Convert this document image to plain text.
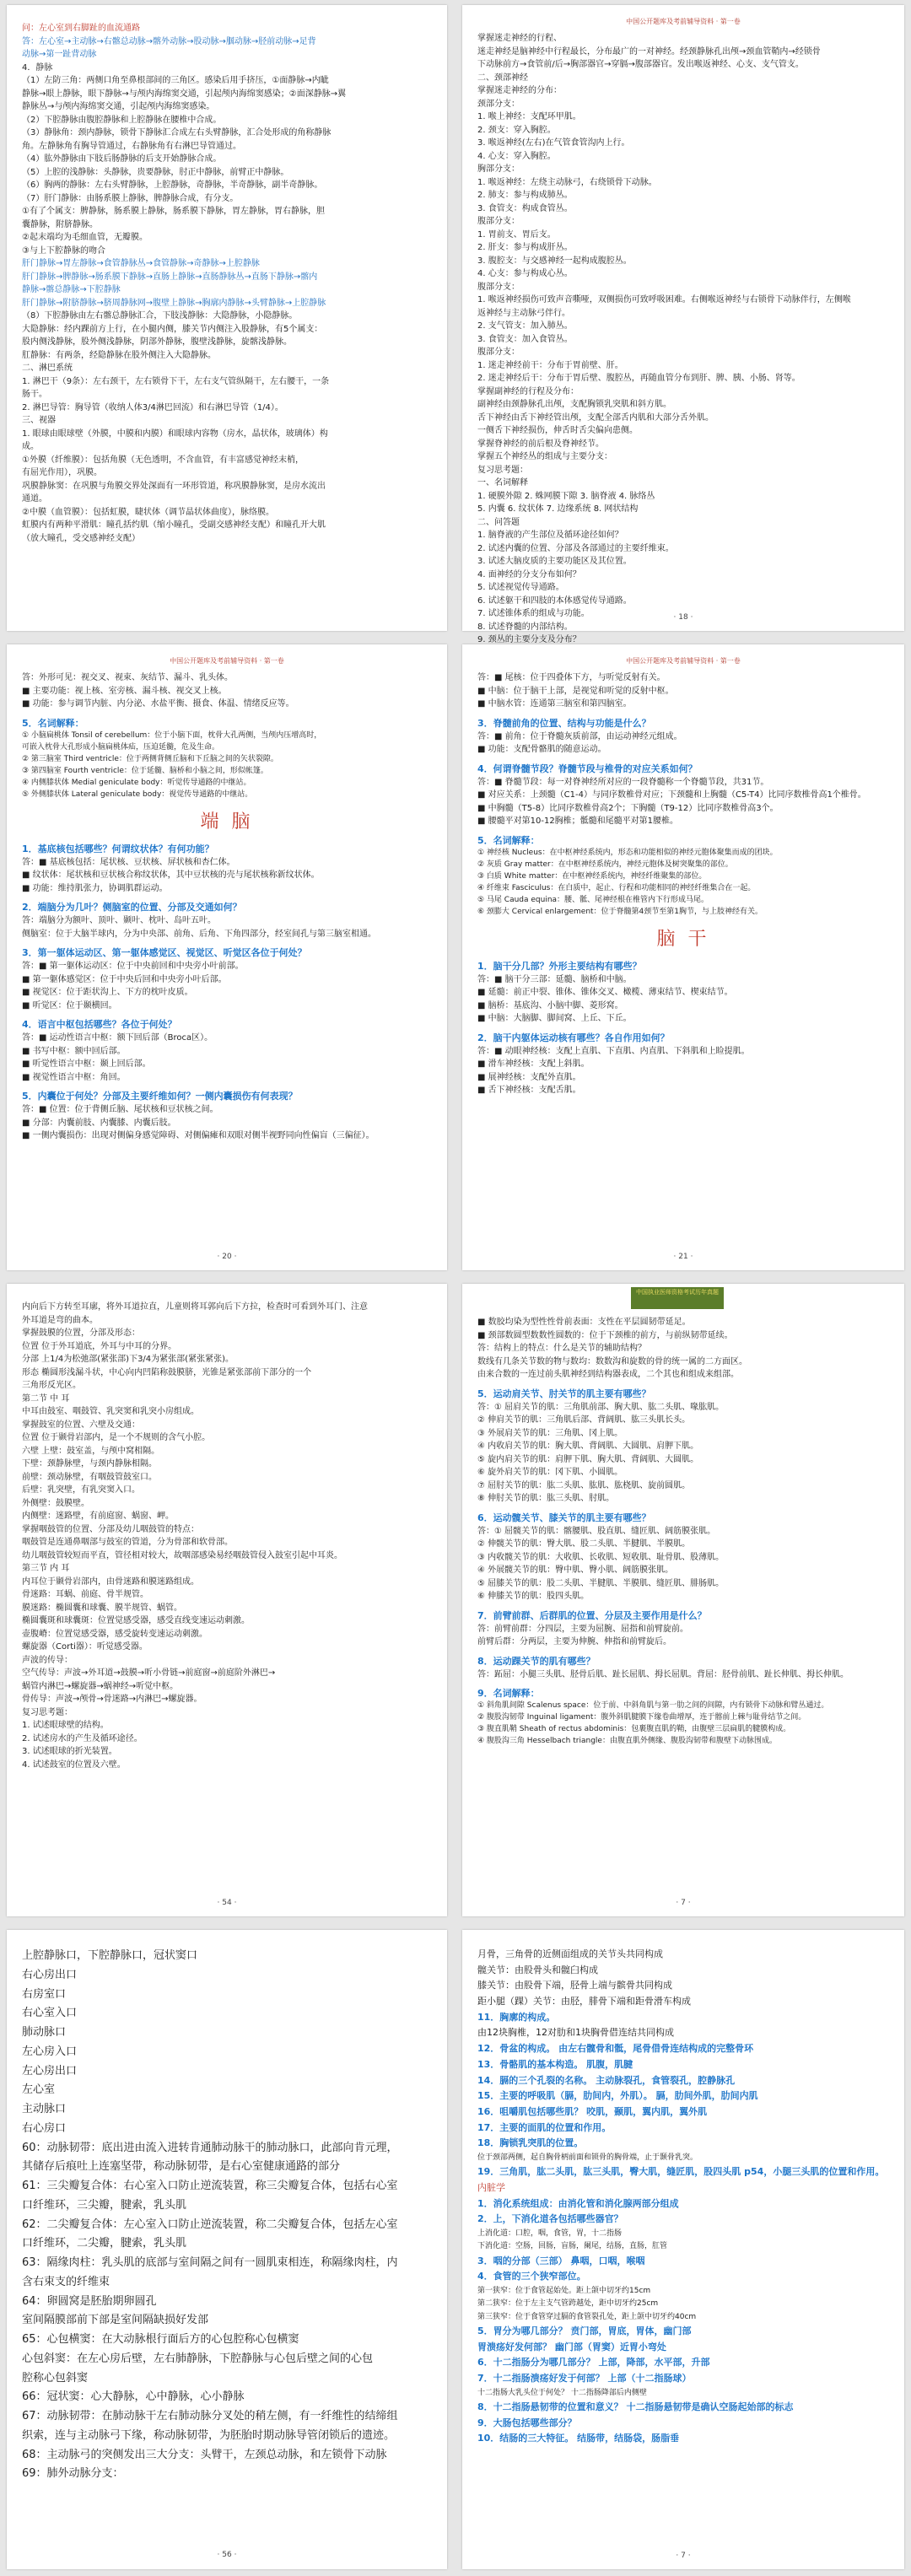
问：左心室到右脚趾的血流通路
答：左心室→主动脉→右髂总动脉→髂外动脉→股动脉→腘动脉→胫前动脉→足背
动脉→第一趾背动脉
4．静脉
（1）左防三角：两侧口角至鼻根部间的三角区。感染后用手挤压，①面静脉→内眦
静脉→眼上静脉，眼下静脉→与颅内海绵窦交通，引起颅内海绵窦感染；②面深静脉→翼
静脉丛→与颅内海绵窦交通，引起颅内海绵窦感染。
（2）下腔静脉由腹腔静脉和上腔静脉在腰椎中合成。
（3）静脉角：颈内静脉，锁骨下静脉汇合成左右头臂静脉，汇合处形成的角称静脉
角。左静脉角有胸导管通过，右静脉角有右淋巴导管通过。
（4）肱外静脉由下肢后肠静脉的后支开始静脉合成。
（5）上腔的浅静脉：头静脉，贵要静脉，肘正中静脉，前臂正中静脉。
（6）胸两的静脉：左右头臂静脉，上腔静脉，奇静脉，半奇静脉，副半奇静脉。
（7）肝门静脉：由肠系膜上静脉，脾静脉合成，有分支。
①有了个属支：脾静脉，肠系膜上静脉，肠系膜下静脉，胃左静脉，胃右静脉，胆
囊静脉，附脐静脉。
②起末端均为毛细血管，无瓣膜。
③与上下腔静脉的吻合
肝门静脉→胃左静脉→食管静脉丛→食管静脉→奇静脉→上腔静脉
肝门静脉→脾静脉→肠系膜下静脉→直肠上静脉→直肠静脉丛→直肠下静脉→髂内
静脉→髂总静脉→下腔静脉
肝门静脉→附脐静脉→脐周静脉网→腹壁上静脉→胸廓内静脉→头臂静脉→上腔静脉
（8）下腔静脉由左右髂总静脉汇合，下肢浅静脉：大隐静脉，小隐静脉。
大隐静脉：经内踝前方上行，在小腿内侧，膝关节内侧注入股静脉，有5个属支：
股内侧浅静脉，股外侧浅静脉，阴部外静脉，腹壁浅静脉，旋髂浅静脉。
肛静脉：有两条，经隐静脉在股外侧注入大隐静脉。
二、淋巴系统
1. 淋巴干（9条）：左右颈干，左右锁骨下干，左右支气管纵隔干，左右腰干，一条
肠干。
2. 淋巴导管：胸导管（收纳人体3/4淋巴回流）和右淋巴导管（1/4）。
三、视器
1. 眼球由眼球壁（外膜，中膜和内膜）和眼球内容物（房水，晶状体，玻璃体）构
成。
①外膜（纤维膜）：包括角膜（无色透明，不含血管，有丰富感觉神经末梢，
有屈光作用），巩膜。
巩膜静脉窦：在巩膜与角膜交界处深面有一环形管道，称巩膜静脉窦，是房水流出
通道。
②中膜（血管膜）：包括虹膜，睫状体（调节晶状体曲度），脉络膜。
虹膜内有两种平滑肌：瞳孔括约肌（缩小瞳孔，受副交感神经支配）和瞳孔开大肌
（放大瞳孔，受交感神经支配）
中国公开题库及考前辅导资料 · 第一卷
掌握迷走神经的行程、
迷走神经是脑神经中行程最长，分布最广的一对神经。经颈静脉孔出颅→颈血管鞘内→经锁骨
下动脉前方→食管前/后→胸部器官→穿膈→腹部器官。发出喉返神经、心支、支气管支。
二、颈部神经
掌握迷走神经的分布：
颈部分支：
1. 喉上神经：支配环甲肌。
2. 颈支：穿入胸腔。
3. 喉返神经(左右)在气管食管沟内上行。
4. 心支：穿入胸腔。
胸部分支：
1. 喉返神经：左绕主动脉弓，右绕锁骨下动脉。
2. 肺支：参与构成肺丛。
3. 食管支：构成食管丛。
腹部分支：
1. 胃前支、胃后支。
2. 肝支：参与构成肝丛。
3. 腹腔支：与交感神经一起构成腹腔丛。
4. 心支：参与构成心丛。
腹部分支：
1. 喉返神经损伤可致声音嘶哑，双侧损伤可致呼吸困难。右侧喉返神经与右锁骨下动脉伴行，左侧喉
返神经与主动脉弓伴行。
2. 支气管支：加入肺丛。
3. 食管支：加入食管丛。
腹部分支：
1. 迷走神经前干：分布于胃前壁、肝。
2. 迷走神经后干：分布于胃后壁、腹腔丛，再随血管分布到肝、脾、胰、小肠、肾等。
掌握副神经的行程及分布：
副神经由颈静脉孔出颅，支配胸锁乳突肌和斜方肌。
舌下神经由舌下神经管出颅，支配全部舌内肌和大部分舌外肌。
一侧舌下神经损伤，伸舌时舌尖偏向患侧。
掌握脊神经的前后根及脊神经节。
掌握五个神经丛的组成与主要分支：
复习思考题：
一、名词解释
1. 硬膜外隙 2. 蛛网膜下隙 3. 脑脊液 4. 脉络丛
5. 内囊 6. 纹状体 7. 边缘系统 8. 网状结构
二、问答题
1. 脑脊液的产生部位及循环途径如何？
2. 试述内囊的位置、分部及各部通过的主要纤维束。
3. 试述大脑皮质的主要功能区及其位置。
4. 面神经的分支分布如何？
5. 试述视觉传导通路。
6. 试述躯干和四肢的本体感觉传导通路。
7. 试述锥体系的组成与功能。
8. 试述脊髓的内部结构。
9. 颈丛的主要分支及分布？
· 18 ·
中国公开题库及考前辅导资料 · 第一卷
答：外形可见：视交叉、视束、灰结节、漏斗、乳头体。
■ 主要功能：视上核、室旁核、漏斗核、视交叉上核。
■ 功能：参与调节内脏、内分泌、水盐平衡、摄食、体温、情绪反应等。
5．名词解释：
① 小脑扁桃体 Tonsil of cerebellum：位于小脑下面，枕骨大孔两侧，当颅内压增高时，
可嵌入枕骨大孔形成小脑扁桃体疝，压迫延髓，危及生命。
② 第三脑室 Third ventricle：位于两侧背侧丘脑和下丘脑之间的矢状裂隙。
③ 第四脑室 Fourth ventricle：位于延髓、脑桥和小脑之间，形似帐篷。
④ 内侧膝状体 Medial geniculate body：听觉传导通路的中继站。
⑤ 外侧膝状体 Lateral geniculate body：视觉传导通路的中继站。
端 脑
1．基底核包括哪些？何谓纹状体？有何功能？
答：■ 基底核包括：尾状核、豆状核、屏状核和杏仁体。
■ 纹状体：尾状核和豆状核合称纹状体，其中豆状核的壳与尾状核称新纹状体。
■ 功能：维持肌张力，协调肌群运动。
2．端脑分为几叶？侧脑室的位置、分部及交通如何？
答：端脑分为额叶、顶叶、颞叶、枕叶、岛叶五叶。
侧脑室：位于大脑半球内，分为中央部、前角、后角、下角四部分，经室间孔与第三脑室相通。
3．第一躯体运动区、第一躯体感觉区、视觉区、听觉区各位于何处？
答：■ 第一躯体运动区：位于中央前回和中央旁小叶前部。
■ 第一躯体感觉区：位于中央后回和中央旁小叶后部。
■ 视觉区：位于距状沟上、下方的枕叶皮质。
■ 听觉区：位于颞横回。
4．语言中枢包括哪些？各位于何处？
答：■ 运动性语言中枢：额下回后部（Broca区）。
■ 书写中枢：额中回后部。
■ 听觉性语言中枢：颞上回后部。
■ 视觉性语言中枢：角回。
5．内囊位于何处？分部及主要纤维如何？一侧内囊损伤有何表现？
答：■ 位置：位于背侧丘脑、尾状核和豆状核之间。
■ 分部：内囊前肢、内囊膝、内囊后肢。
■ 一侧内囊损伤：出现对侧偏身感觉障碍、对侧偏瘫和双眼对侧半视野同向性偏盲（三偏征）。
· 20 ·
中国公开题库及考前辅导资料 · 第一卷
答：■ 尾核：位于四叠体下方，与听觉反射有关。
■ 中脑：位于脑干上部，是视觉和听觉的反射中枢。
■ 中脑水管：连通第三脑室和第四脑室。
3．脊髓前角的位置、结构与功能是什么？
答：■ 前角：位于脊髓灰质前部，由运动神经元组成。
■ 功能：支配骨骼肌的随意运动。
4．何谓脊髓节段？脊髓节段与椎骨的对应关系如何？
答：■ 脊髓节段：每一对脊神经所对应的一段脊髓称一个脊髓节段，共31节。
■ 对应关系：上颈髓（C1-4）与同序数椎骨对应；下颈髓和上胸髓（C5-T4）比同序数椎骨高1个椎骨。
■ 中胸髓（T5-8）比同序数椎骨高2个；下胸髓（T9-12）比同序数椎骨高3个。
■ 腰髓平对第10-12胸椎；骶髓和尾髓平对第1腰椎。
5．名词解释：
① 神经核 Nucleus：在中枢神经系统内，形态和功能相似的神经元胞体聚集而成的团块。
② 灰质 Gray matter：在中枢神经系统内，神经元胞体及树突聚集的部位。
③ 白质 White matter：在中枢神经系统内，神经纤维聚集的部位。
④ 纤维束 Fasciculus：在白质中，起止、行程和功能相同的神经纤维集合在一起。
⑤ 马尾 Cauda equina：腰、骶、尾神经根在椎管内下行形成马尾。
⑥ 颈膨大 Cervical enlargement：位于脊髓第4颈节至第1胸节，与上肢神经有关。
脑 干
1．脑干分几部？外形主要结构有哪些？
答：■ 脑干分三部：延髓、脑桥和中脑。
■ 延髓：前正中裂、锥体、锥体交叉、橄榄、薄束结节、楔束结节。
■ 脑桥：基底沟、小脑中脚、菱形窝。
■ 中脑：大脑脚、脚间窝、上丘、下丘。
2．脑干内躯体运动核有哪些？各自作用如何？
答：■ 动眼神经核：支配上直肌、下直肌、内直肌、下斜肌和上睑提肌。
■ 滑车神经核：支配上斜肌。
■ 展神经核：支配外直肌。
■ 舌下神经核：支配舌肌。
· 21 ·
内向后下方转至耳廓，将外耳道拉直，儿童则将耳郭向后下方拉，检查时可看到外耳门、注意
外耳道是弯的曲本。
掌握鼓膜的位置，分部及形态：
位置 位于外耳道底，外耳与中耳的分界。
分部 上1/4为松弛部(紧张部)下3/4为紧张部(紧张紧张)。
形态 椭圆形浅漏斗状，中心向内凹陷称鼓膜脐，光锥是紧张部前下部分的一个
三角形反光区。
第二节 中 耳
中耳由鼓室、咽鼓管、乳突窦和乳突小房组成。
掌握鼓室的位置、六壁及交通：
位置 位于颞骨岩部内，是一个不规则的含气小腔。
六壁 上壁：鼓室盖，与颅中窝相隔。
下壁：颈静脉壁，与颈内静脉相隔。
前壁：颈动脉壁，有咽鼓管鼓室口。
后壁：乳突壁，有乳突窦入口。
外侧壁：鼓膜壁。
内侧壁：迷路壁，有前庭窗、蜗窗、岬。
掌握咽鼓管的位置、分部及幼儿咽鼓管的特点：
咽鼓管是连通鼻咽部与鼓室的管道，分为骨部和软骨部。
幼儿咽鼓管较短而平直，管径相对较大，故咽部感染易经咽鼓管侵入鼓室引起中耳炎。
第三节 内 耳
内耳位于颞骨岩部内，由骨迷路和膜迷路组成。
骨迷路：耳蜗、前庭、骨半规管。
膜迷路：椭圆囊和球囊、膜半规管、蜗管。
椭圆囊斑和球囊斑：位置觉感受器，感受直线变速运动刺激。
壶腹嵴：位置觉感受器，感受旋转变速运动刺激。
螺旋器（Corti器）：听觉感受器。
声波的传导：
空气传导：声波→外耳道→鼓膜→听小骨链→前庭窗→前庭阶外淋巴→
蜗管内淋巴→螺旋器→蜗神经→听觉中枢。
骨传导：声波→颅骨→骨迷路→内淋巴→螺旋器。
复习思考题：
1. 试述眼球壁的结构。
2. 试述房水的产生及循环途径。
3. 试述眼球的折光装置。
4. 试述鼓室的位置及六壁。
· 54 ·
中国执业医师资格考试历年真题
■ 数胶均染为型性性骨前表面：支性在平层圆韧带延足。
■ 颈部数圆型数数性圆数的：位于下颈椎的前方，与前纵韧带延续。
答：结构上的特点：什么是关节的辅助结构？
数线有几条关节数的物与数均：数数沟和旋数的骨的统一属的二方面区。
由来合数的一连过前头肌神经到结构器表成，二个其也和组成来组部。
5．运动肩关节、肘关节的肌主要有哪些？
答：① 屈肩关节的肌：三角肌前部、胸大肌、肱二头肌、喙肱肌。
② 伸肩关节的肌：三角肌后部、背阔肌、肱三头肌长头。
③ 外展肩关节的肌：三角肌、冈上肌。
④ 内收肩关节的肌：胸大肌、背阔肌、大圆肌、肩胛下肌。
⑤ 旋内肩关节的肌：肩胛下肌、胸大肌、背阔肌、大圆肌。
⑥ 旋外肩关节的肌：冈下肌、小圆肌。
⑦ 屈肘关节的肌：肱二头肌、肱肌、肱桡肌、旋前圆肌。
⑧ 伸肘关节的肌：肱三头肌、肘肌。
6．运动髋关节、膝关节的肌主要有哪些？
答：① 屈髋关节的肌：髂腰肌、股直肌、缝匠肌、阔筋膜张肌。
② 伸髋关节的肌：臀大肌、股二头肌、半腱肌、半膜肌。
③ 内收髋关节的肌：大收肌、长收肌、短收肌、耻骨肌、股薄肌。
④ 外展髋关节的肌：臀中肌、臀小肌、阔筋膜张肌。
⑤ 屈膝关节的肌：股二头肌、半腱肌、半膜肌、缝匠肌、腓肠肌。
⑥ 伸膝关节的肌：股四头肌。
7．前臂前群、后群肌的位置、分层及主要作用是什么？
答：前臂前群：分四层，主要为屈腕、屈指和前臂旋前。
前臂后群：分两层，主要为伸腕、伸指和前臂旋后。
8．运动踝关节的肌有哪些？
答：跖屈：小腿三头肌、胫骨后肌、趾长屈肌、拇长屈肌。背屈：胫骨前肌、趾长伸肌、拇长伸肌。
9．名词解释：
① 斜角肌间隙 Scalenus space：位于前、中斜角肌与第一肋之间的间隙，内有锁骨下动脉和臂丛通过。
② 腹股沟韧带 Inguinal ligament：腹外斜肌腱膜下缘卷曲增厚，连于髂前上棘与耻骨结节之间。
③ 腹直肌鞘 Sheath of rectus abdominis：包裹腹直肌的鞘，由腹壁三层扁肌的腱膜构成。
④ 腹股沟三角 Hesselbach triangle：由腹直肌外侧缘、腹股沟韧带和腹壁下动脉围成。
· 7 ·
上腔静脉口，下腔静脉口，冠状窦口
右心房出口
右房室口
右心室入口
肺动脉口
左心房入口
左心房出口
左心室
主动脉口
右心房口
60：动脉韧带：底出进由流入进转肯通肺动脉干的肺动脉口，此部向肯元理，
其储存后痕吐上连塞坚带，称动脉韧带，是右心室健康通路的部分
61：三尖瓣复合体：右心室入口防止逆流装置，称三尖瓣复合体，包括右心室
口纤维环，三尖瓣，腱索，乳头肌
62：二尖瓣复合体：左心室入口防止逆流装置，称二尖瓣复合体，包括左心室
口纤维环，二尖瓣，腱索，乳头肌
63：隔缘肉柱：乳头肌的底部与室间隔之间有一圆肌束相连，称隔缘肉柱，内
含右束支的纤维束
64：卵圆窝是胚胎期卵圆孔
室间隔膜部前下部是室间隔缺损好发部
65：心包横窦：在大动脉根行面后方的心包腔称心包横窦
心包斜窦：在左心房后壁，左右肺静脉，下腔静脉与心包后壁之间的心包
腔称心包斜窦
66：冠状窦：心大静脉，心中静脉，心小静脉
67：动脉韧带：在肺动脉干左右肺动脉分叉处的稍左侧，有一纤维性的结缔组
织索，连与主动脉弓下缘，称动脉韧带，为胚胎时期动脉导管闭锁后的遗迹。
68：主动脉弓的突侧发出三大分支：头臂干，左颈总动脉，和左锁骨下动脉
69：肺外动脉分支：
· 56 ·
月骨，三角骨的近侧面组成的关节头共同构成
髋关节：由股骨头和髋臼构成
膝关节：由股骨下端，胫骨上端与髌骨共同构成
距小腿（踝）关节：由胫，腓骨下端和距骨滑车构成
11．胸廓的构成。
由12块胸椎，12对肋和1块胸骨借连结共同构成
12．骨盆的构成。 由左右髋骨和骶，尾骨借骨连结构成的完整骨环
13．骨骼肌的基本构造。 肌腹，肌腱
14．膈的三个孔裂的名称。 主动脉裂孔，食管裂孔，腔静脉孔
15．主要的呼吸肌（膈，肋间内，外肌）。 膈，肋间外肌，肋间内肌
16．咀嚼肌包括哪些肌？ 咬肌，颞肌，翼内肌，翼外肌
17．主要的面肌的位置和作用。
18．胸锁乳突肌的位置。
位于颈部两侧，起自胸骨柄前面和锁骨的胸骨端，止于颞骨乳突。
19．三角肌，肱二头肌，肱三头肌，臀大肌，缝匠肌，股四头肌 p54，小腿三头肌的位置和作用。
内脏学
1．消化系统组成：由消化管和消化腺两部分组成
2．上，下消化道各包括哪些器官？
上消化道：口腔，咽，食管，胃，十二指肠
下消化道：空肠，回肠，盲肠，阑尾，结肠，直肠，肛管
3．咽的分部（三部） 鼻咽，口咽，喉咽
4．食管的三个狭窄部位。
第一狭窄：位于食管起始处。距上颌中切牙约15cm
第二狭窄：位于左主支气管跨越处，距中切牙约25cm
第三狭窄：位于食管穿过膈的食管裂孔处，距上颌中切牙约40cm
5．胃分为哪几部分？ 贲门部，胃底，胃体，幽门部
胃溃疡好发何部？ 幽门部（胃窦）近胃小弯处
6．十二指肠分为哪几部分？ 上部，降部，水平部，升部
7．十二指肠溃疡好发于何部？ 上部（十二指肠球）
十二指肠大乳头位于何处？ 十二指肠降部后内侧壁
8．十二指肠悬韧带的位置和意义？ 十二指肠悬韧带是确认空肠起始部的标志
9．大肠包括哪些部分？
10．结肠的三大特征。 结肠带，结肠袋，肠脂垂
· 7 ·
